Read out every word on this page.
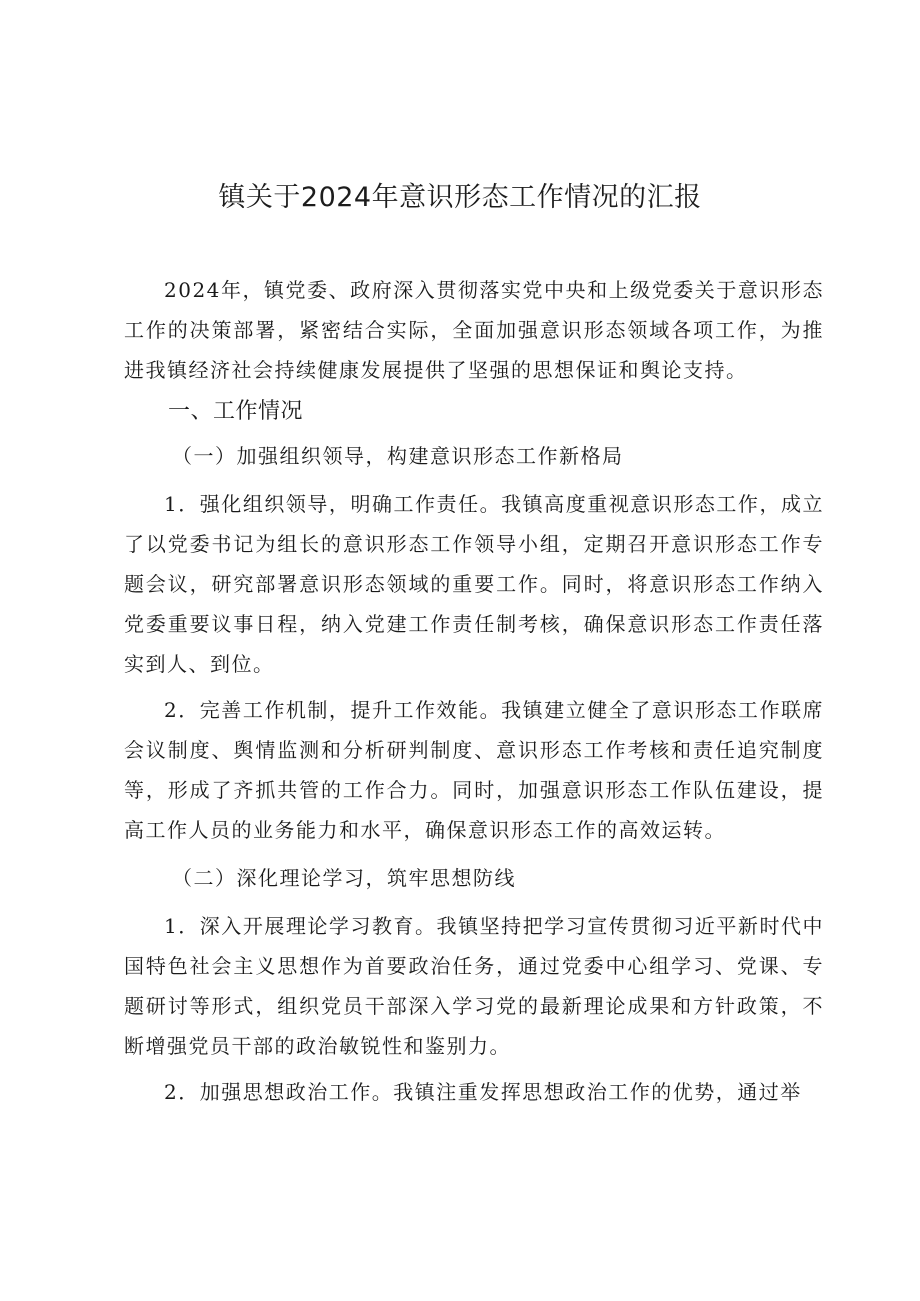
镇关于2024年意识形态工作情况的汇报

2024年，镇党委、政府深入贯彻落实党中央和上级党委关于意识形态工作的决策部署，紧密结合实际，全面加强意识形态领域各项工作，为推进我镇经济社会持续健康发展提供了坚强的思想保证和舆论支持。

一、工作情况

（一）加强组织领导，构建意识形态工作新格局

1．强化组织领导，明确工作责任。我镇高度重视意识形态工作，成立了以党委书记为组长的意识形态工作领导小组，定期召开意识形态工作专题会议，研究部署意识形态领域的重要工作。同时，将意识形态工作纳入党委重要议事日程，纳入党建工作责任制考核，确保意识形态工作责任落实到人、到位。

2．完善工作机制，提升工作效能。我镇建立健全了意识形态工作联席会议制度、舆情监测和分析研判制度、意识形态工作考核和责任追究制度等，形成了齐抓共管的工作合力。同时，加强意识形态工作队伍建设，提高工作人员的业务能力和水平，确保意识形态工作的高效运转。

（二）深化理论学习，筑牢思想防线

1．深入开展理论学习教育。我镇坚持把学习宣传贯彻习近平新时代中国特色社会主义思想作为首要政治任务，通过党委中心组学习、党课、专题研讨等形式，组织党员干部深入学习党的最新理论成果和方针政策，不断增强党员干部的政治敏锐性和鉴别力。

2．加强思想政治工作。我镇注重发挥思想政治工作的优势，通过举
